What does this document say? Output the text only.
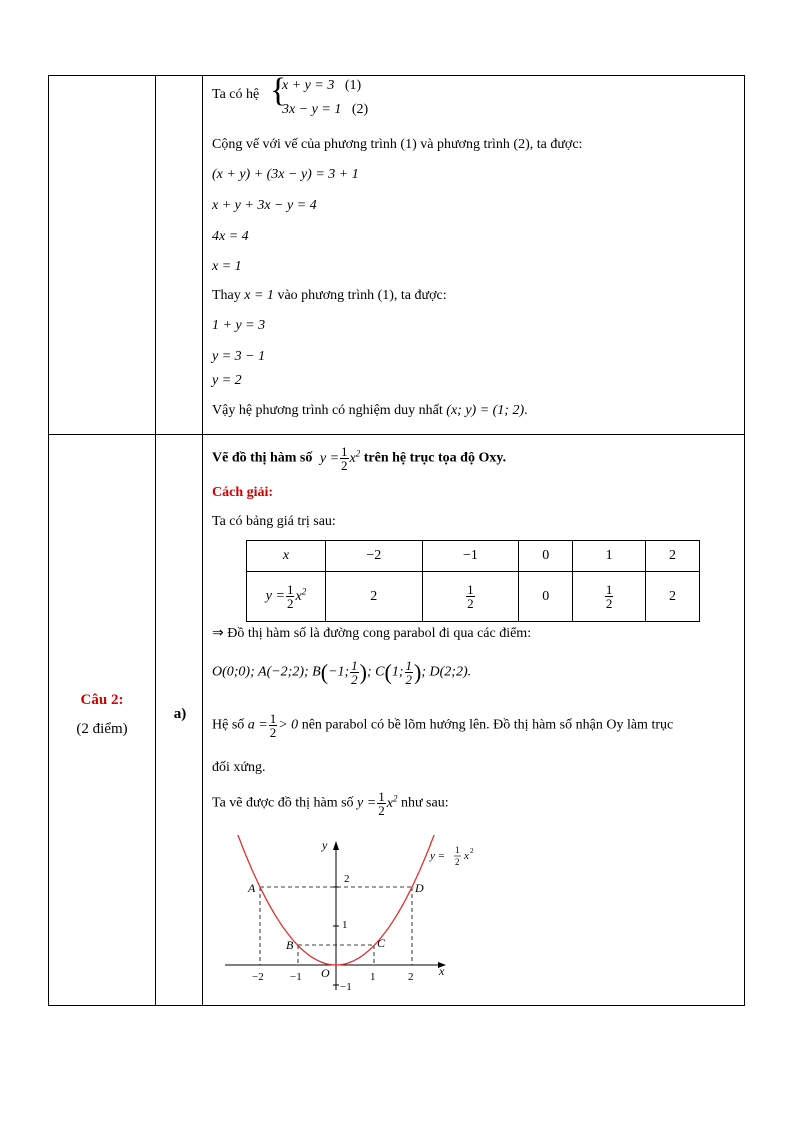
Ta có hệ {
x + y = 3 (1)
3x − y = 1 (2)
Cộng vế với vế của phương trình (1) và phương trình (2), ta được:
(x + y) + (3x − y) = 3 + 1
x + y + 3x − y = 4
4x = 4
x = 1
Thay x = 1 vào phương trình (1), ta được:
1 + y = 3
y = 3 − 1
y = 2
Vậy hệ phương trình có nghiệm duy nhất (x; y) = (1; 2).
Câu 2:
(2 điểm)
a)
Vẽ đồ thị hàm số $y = \frac{1}{2} x^2$ trên hệ trục tọa độ Oxy.
Cách giải:
Ta có bảng giá trị sau:
x	−2	−1	0	1	2
$y = \frac{1}{2} x^2$	2	$\frac{1}{2}$	0	$\frac{1}{2}$	2
⇒ Đồ thị hàm số là đường cong parabol đi qua các điểm:
O(0;0); A(−2;2); B(−1; $\frac{1}{2}$ ); C(1; $\frac{1}{2}$ ); D(2;2).
Hệ số $a = \frac{1}{2} > 0$ nên parabol có bề lõm hướng lên. Đồ thị hàm số nhận Oy làm trục
đối xứng.
Ta vẽ được đồ thị hàm số $y = \frac{1}{2} x^2$ như sau:
A
B	C
D
y
x
O
−2 −1	1	2
2
1
−1
y = 1
2 x 2
